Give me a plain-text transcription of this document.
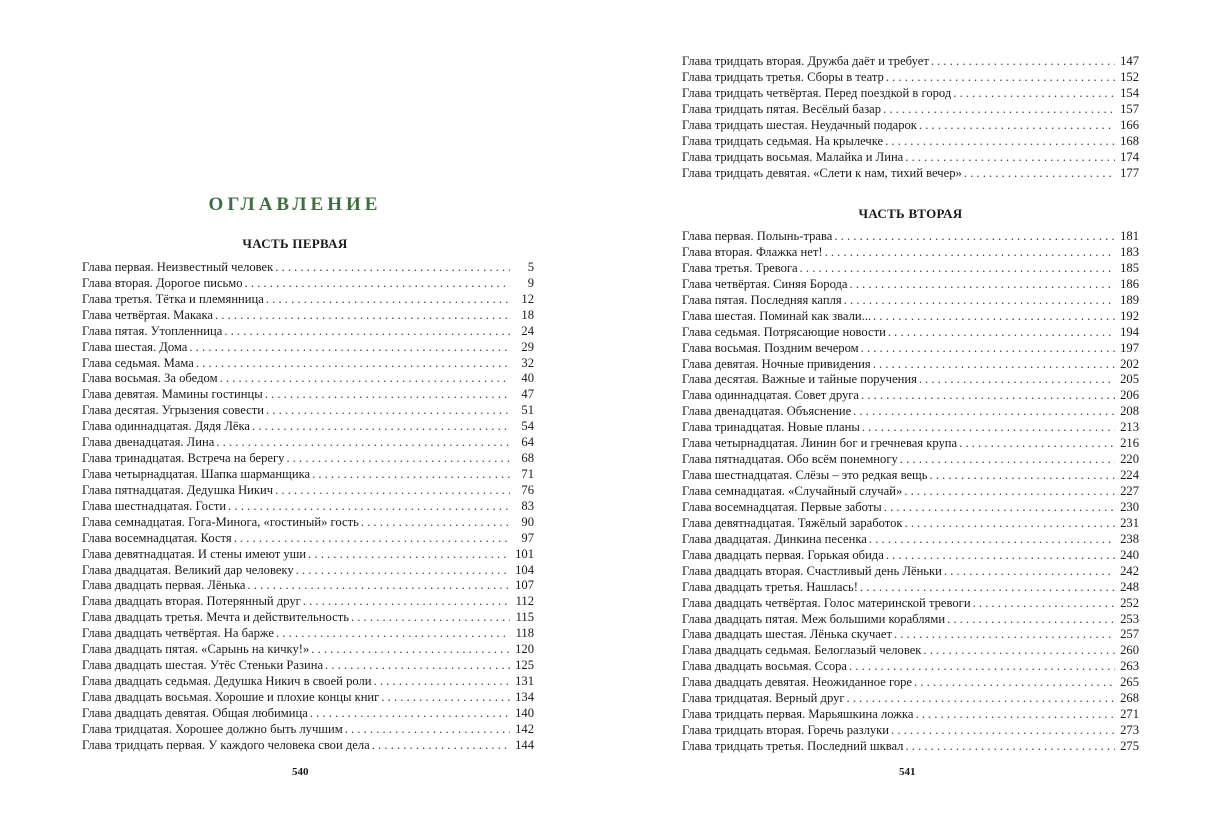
ОГЛАВЛЕНИЕ
ЧАСТЬ ПЕРВАЯ
Глава первая. Неизвестный человек . . .	5
Глава вторая. Дорогое письмо . . .	9
Глава третья. Тётка и племянница . . .	12
Глава четвёртая. Макака . . .	18
Глава пятая. Утопленница . . .	24
Глава шестая. Дома . . .	29
Глава седьмая. Мама . . .	32
Глава восьмая. За обедом . . .	40
Глава девятая. Мамины гостинцы . . .	47
Глава десятая. Угрызения совести . . .	51
Глава одиннадцатая. Дядя Лёка . . .	54
Глава двенадцатая. Лина . . .	64
Глава тринадцатая. Встреча на берегу . . .	68
Глава четырнадцатая. Шапка шарманщика . . .	71
Глава пятнадцатая. Дедушка Никич . . .	76
Глава шестнадцатая. Гости . . .	83
Глава семнадцатая. Гога-Минога, «гостиный» гость . . .	90
Глава восемнадцатая. Костя . . .	97
Глава девятнадцатая. И стены имеют уши . . .	101
Глава двадцатая. Великий дар человеку . . .	104
Глава двадцать первая. Лёнька . . .	107
Глава двадцать вторая. Потерянный друг . . .	112
Глава двадцать третья. Мечта и действительность . . .	115
Глава двадцать четвёртая. На барже . . .	118
Глава двадцать пятая. «Сарынь на кичку!» . . .	120
Глава двадцать шестая. Утёс Стеньки Разина . . .	125
Глава двадцать седьмая. Дедушка Никич в своей роли . . .	131
Глава двадцать восьмая. Хорошие и плохие концы книг . . .	134
Глава двадцать девятая. Общая любимица . . .	140
Глава тридцатая. Хорошее должно быть лучшим . . .	142
Глава тридцать первая. У каждого человека свои дела . . .	144
540
Глава тридцать вторая. Дружба даёт и требует . . .	147
Глава тридцать третья. Сборы в театр . . .	152
Глава тридцать четвёртая. Перед поездкой в город . . .	154
Глава тридцать пятая. Весёлый базар . . .	157
Глава тридцать шестая. Неудачный подарок . . .	166
Глава тридцать седьмая. На крылечке . . .	168
Глава тридцать восьмая. Малайка и Лина . . .	174
Глава тридцать девятая. «Слети к нам, тихий вечер» . . .	177
ЧАСТЬ ВТОРАЯ
Глава первая. Полынь-трава . . .	181
Глава вторая. Флажка нет! . . .	183
Глава третья. Тревога . . .	185
Глава четвёртая. Синяя Борода . . .	186
Глава пятая. Последняя капля . . .	189
Глава шестая. Поминай как звали... . . .	192
Глава седьмая. Потрясающие новости . . .	194
Глава восьмая. Поздним вечером . . .	197
Глава девятая. Ночные привидения . . .	202
Глава десятая. Важные и тайные поручения . . .	205
Глава одиннадцатая. Совет друга . . .	206
Глава двенадцатая. Объяснение . . .	208
Глава тринадцатая. Новые планы . . .	213
Глава четырнадцатая. Линин бог и гречневая крупа . . .	216
Глава пятнадцатая. Обо всём понемногу . . .	220
Глава шестнадцатая. Слёзы – это редкая вещь . . .	224
Глава семнадцатая. «Случайный случай» . . .	227
Глава восемнадцатая. Первые заботы . . .	230
Глава девятнадцатая. Тяжёлый заработок . . .	231
Глава двадцатая. Динкина песенка . . .	238
Глава двадцать первая. Горькая обида . . .	240
Глава двадцать вторая. Счастливый день Лёньки . . .	242
Глава двадцать третья. Нашлась! . . .	248
Глава двадцать четвёртая. Голос материнской тревоги . . .	252
Глава двадцать пятая. Меж большими кораблями . . .	253
Глава двадцать шестая. Лёнька скучает . . .	257
Глава двадцать седьмая. Белоглазый человек . . .	260
Глава двадцать восьмая. Ссора . . .	263
Глава двадцать девятая. Неожиданное горе . . .	265
Глава тридцатая. Верный друг . . .	268
Глава тридцать первая. Марьяшкина ложка . . .	271
Глава тридцать вторая. Горечь разлуки . . .	273
Глава тридцать третья. Последний шквал . . .	275
541
